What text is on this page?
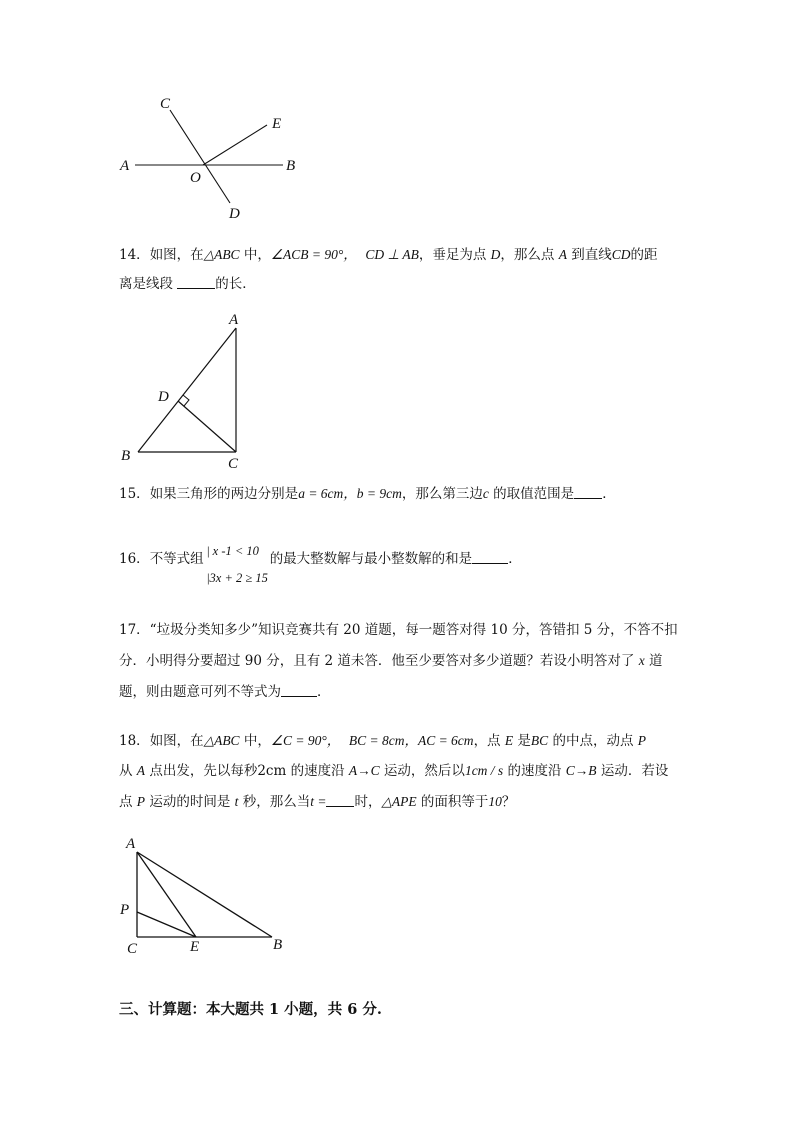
C
E
A	B
O
D
14．如图，在△ABC 中，∠ACB = 90°， CD ⊥ AB，垂足为点 D，那么点 A 到直线CD的距
离是线段	的长．
A
D
B	C
15．如果三角形的两边分别是a = 6cm，b = 9cm，那么第三边c 的取值范围是 ．
16．不等式组	的最大整数解与最小整数解的和是	．
| x -1 < 10
|3x + 2 ≥ 15
17．“垃圾分类知多少”知识竞赛共有 20 道题，每一题答对得 10 分，答错扣 5 分，不答不扣
分．小明得分要超过 90 分，且有 2 道未答．他至少要答对多少道题？若设小明答对了 x 道
题，则由题意可列不等式为	．
18．如图，在△ABC 中，∠C = 90°， BC = 8cm，AC = 6cm，点 E 是BC 的中点，动点 P
从 A 点出发，先以每秒2cm 的速度沿 A→C 运动，然后以1cm / s 的速度沿 C→B 运动．若设
点 P 运动的时间是 t 秒，那么当t = 时，△APE 的面积等于10？
A
P
C	E	B
三、计算题：本大题共 1 小题，共 6 分.
